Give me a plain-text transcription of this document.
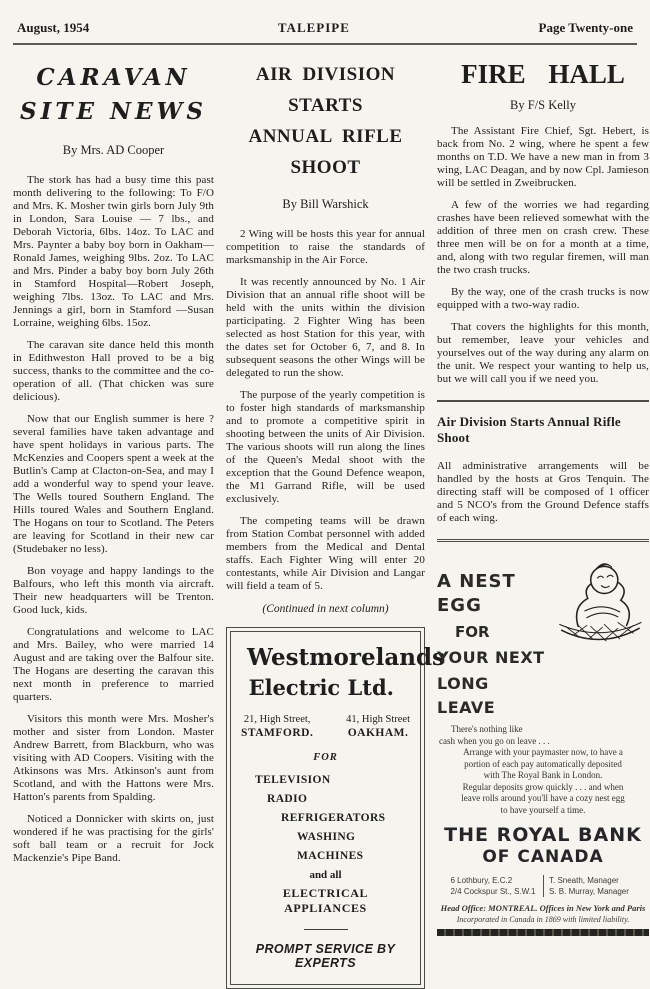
August, 1954	TALEPIPE	Page Twenty-one
CARAVAN
SITE NEWS
By Mrs. AD Cooper

The stork has had a busy time this past month delivering to the following: To F/O and Mrs. K. Mosher twin girls born July 9th in London, Sara Louise — 7 lbs., and Deborah Victoria, 6lbs. 14oz. To LAC and Mrs. Paynter a baby boy born in Oakham—Ronald James, weighing 9lbs. 2oz. To LAC and Mrs. Pinder a baby boy born July 26th in Stamford Hospital—Robert Joseph, weighing 7lbs. 13oz. To LAC and Mrs. Jennings a girl, born in Stamford —Susan Lorraine, weighing 6lbs. 15oz.

The caravan site dance held this month in Edithweston Hall proved to be a big success, thanks to the committee and the co-operation of all. (That chicken was sure delicious).

Now that our English summer is here ? several families have taken advantage and have spent holidays in various parts. The McKenzies and Coopers spent a week at the Butlin's Camp at Clacton-on-Sea, and may I add a wonderful way to spend your leave. The Wells toured Southern England. The Hills toured Wales and Southern England. The Hogans on tour to Scotland. The Peters are leaving for Scotland in their new car (Studebaker no less).

Bon voyage and happy landings to the Balfours, who left this month via aircraft. Their new headquarters will be Trenton. Good luck, kids.

Congratulations and welcome to LAC and Mrs. Bailey, who were married 14 August and are taking over the Balfour site. The Hogans are deserting the caravan this next month in preference to married quarters.

Visitors this month were Mrs. Mosher's mother and sister from London. Master Andrew Barrett, from Blackburn, who was visiting with AD Coopers. Visiting with the Atkinsons was Mrs. Atkinson's aunt from Scotland, and with the Hattons were Mrs. Hatton's parents from Spalding.

Noticed a Donnicker with skirts on, just wondered if he was practising for the girls' soft ball team or a recruit for Jock Mackenzie's Pipe Band.

AIR DIVISION STARTS
ANNUAL RIFLE SHOOT
By Bill Warshick

2 Wing will be hosts this year for annual competition to raise the standards of marksmanship in the Air Force.

It was recently announced by No. 1 Air Division that an annual rifle shoot will be held with the units within the division participating. 2 Fighter Wing has been selected as host Station for this year, with the dates set for October 6, 7, and 8. In subsequent seasons the other Wings will be delegated to run the show.

The purpose of the yearly competition is to foster high standards of marksmanship and to promote a competitive spirit in shooting between the units of Air Division. The various shoots will run along the lines of the Queen's Medal shoot with the exception that the Gound Defence weapon, the M1 Garrand Rifle, will be used exclusively.

The competing teams will be drawn from Station Combat personnel with added members from the Medical and Dental staffs. Each Fighter Wing will enter 20 contestants, while Air Division and Langar will field a team of 5.

(Continued in next column)
Westmorelands
Electric Ltd.
21, High Street,
STAMFORD.
41, High Street
OAKHAM.
FOR
TELEVISION
RADIO
REFRIGERATORS
WASHING MACHINES
and all
ELECTRICAL APPLIANCES
PROMPT SERVICE BY EXPERTS
FIRE HALL
By F/S Kelly

The Assistant Fire Chief, Sgt. Hebert, is back from No. 2 wing, where he spent a few months on T.D. We have a new man in from 3 wing, LAC Deagan, and by now Cpl. Jamieson will be settled in Zweibrucken.

A few of the worries we had regarding crashes have been relieved somewhat with the addition of three men on crash crew. These three men will be on for a month at a time, and, along with two regular firemen, will man the two crash trucks.

By the way, one of the crash trucks is now equipped with a two-way radio.

That covers the highlights for this month, but remember, leave your vehicles and yourselves out of the way during any alarm on the unit. We respect your wanting to help us, but we will call you if we need you.

Air Division Starts Annual Rifle Shoot

All administrative arrangements will be handled by the hosts at Gros Tenquin. The directing staff will be composed of 1 officer and 5 NCO's from the Ground Defence staffs of each wing.

A NEST EGG
FOR
YOUR NEXT
LONG LEAVE
There's nothing like
cash when you go on leave . . .
Arrange with your paymaster now, to have a
portion of each pay automatically deposited
with The Royal Bank in London.
Regular deposits grow quickly . . . and when
leave rolls around you'll have a cozy nest egg
to have yourself a time.
THE ROYAL BANK
OF CANADA
6 Lothbury, E.C.2	T. Sneath, Manager
2/4 Cockspur St., S.W.1	S. B. Murray, Manager
Head Office: MONTREAL. Offices in New York and Paris
Incorporated in Canada in 1869 with limited liability.
